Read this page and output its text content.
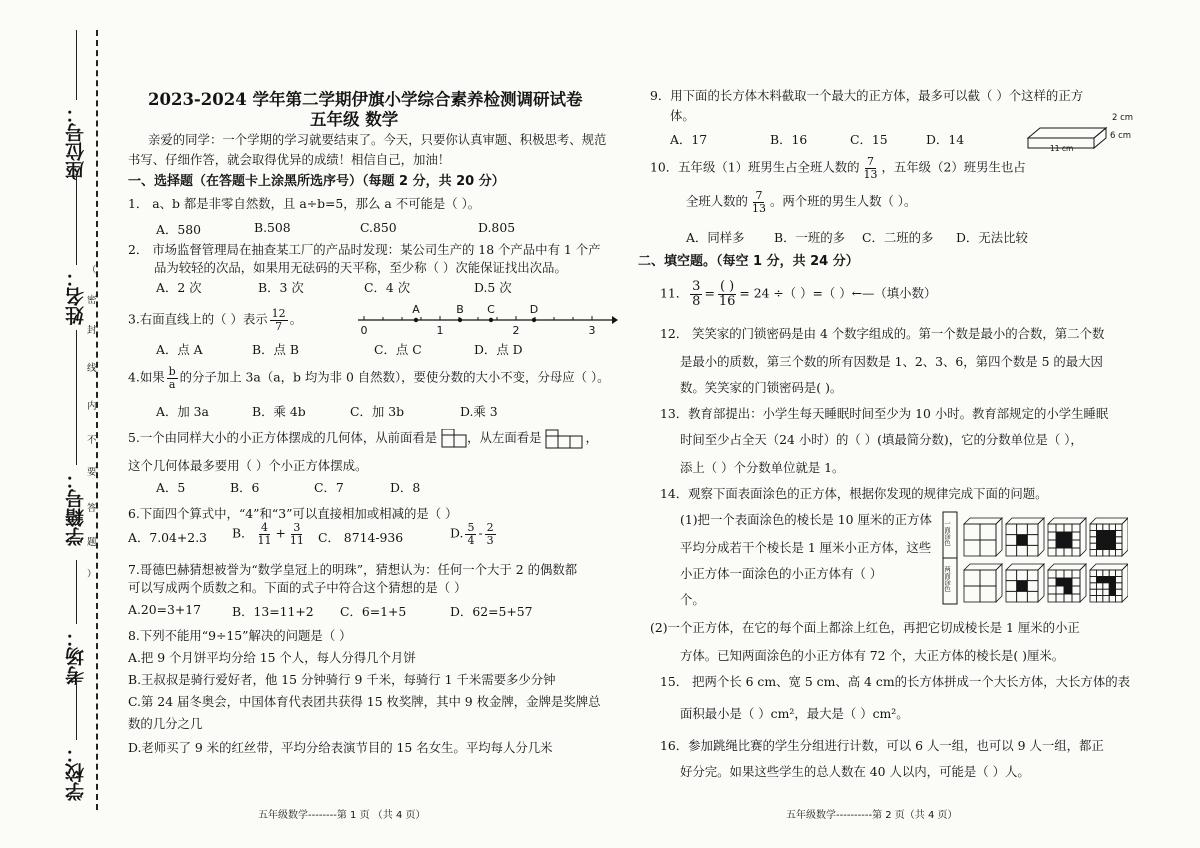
座位号：
姓名：
学籍号：
考场：
学校：
（
密
封
线
内
不
要
答
题
）
2023-2024 学年第二学期伊旗小学综合素养检测调研试卷
五年级 数学
亲爱的同学：一个学期的学习就要结束了。今天，只要你认真审题、积极思考、规范
书写、仔细作答，就会取得优异的成绩！相信自己，加油！
一、选择题（在答题卡上涂黑所选序号）（每题 2 分，共 20 分）
1． a、b 都是非零自然数，且 a÷b=5，那么 a 不可能是（ ）。
A．580	B.508	C.850	D.805
2． 市场监督管理局在抽查某工厂的产品时发现：某公司生产的 18 个产品中有 1 个产
品为较轻的次品，如果用无砝码的天平称，至少称（ ）次能保证找出次品。
A．2 次	B．3 次	C．4 次	D.5 次
3.右面直线上的（ ）表示 $\frac{12}{7}$ 。
A	B C	D
0	1	2	3
A．点 A	B．点 B	C．点 C	D．点 D
4.如果 $\frac{b}{a}$ 的分子加上 3a（a，b 均为非 0 自然数），要使分数的大小不变，分母应（ ）。
A．加 3a	B．乘 4b	C．加 3b	D.乘 3
5.一个由同样大小的小正方体摆成的几何体，从前面看是 ，从左面看是	，
这个几何体最多要用（ ）个小正方体摆成。
A．5	B．6	C．7	D．8
6.下面四个算式中，“4”和“3”可以直接相加或相减的是（ ）
A．7.04+2.3 B． $\frac{4}{11} + \frac{3}{11}$ C． 8714-936	D. $\frac{5}{4} - \frac{2}{3}$
7.哥德巴赫猜想被誉为“数学皇冠上的明珠”，猜想认为：任何一个大于 2 的偶数都
可以写成两个质数之和。下面的式子中符合这个猜想的是（ ）
A.20=3+17 B．13=11+2 C．6=1+5	D．62=5+57
8.下列不能用“9÷15”解决的问题是（ ）
A.把 9 个月饼平均分给 15 个人，每人分得几个月饼
B.王叔叔是骑行爱好者，他 15 分钟骑行 9 千米，每骑行 1 千米需要多少分钟
C.第 24 届冬奥会，中国体育代表团共获得 15 枚奖牌，其中 9 枚金牌，金牌是奖牌总
数的几分之几
D.老师买了 9 米的红丝带，平均分给表演节目的 15 名女生。平均每人分几米
五年级数学--------第 1 页 （共 4 页）
9．用下面的长方体木料截取一个最大的正方体，最多可以截（ ）个这样的正方
体。
A．17	B．16	C．15	D．14
2 cm
6 cm
11 cm
10．五年级（1）班男生占全班人数的 $\frac{7}{13}$ ，五年级（2）班男生也占
全班人数的 $\frac{7}{13}$ 。两个班的男生人数（ ）。
A．同样多 B．一班的多 C．二班的多 D．无法比较
二、填空题。（每空 1 分，共 24 分）
11． $\frac{3}{8} = \frac{( )}{16} = 24$ ÷（ ）=（ ）←—（填小数）
12． 笑笑家的门锁密码是由 4 个数字组成的。第一个数是最小的合数，第二个数
是最小的质数，第三个数的所有因数是 1、2、3、6，第四个数是 5 的最大因
数。笑笑家的门锁密码是( )。
13．教育部提出：小学生每天睡眠时间至少为 10 小时。教育部规定的小学生睡眠
时间至少占全天（24 小时）的（ ）(填最简分数)，它的分数单位是（ ），
添上（ ）个分数单位就是 1。
14．观察下面表面涂色的正方体，根据你发现的规律完成下面的问题。
(1)把一个表面涂色的棱长是 10 厘米的正方体
平均分成若干个棱长是 1 厘米小正方体，这些
小正方体一面涂色的小正方体有（ ）
个。
一面涂色
两面涂色
(2)一个正方体，在它的每个面上都涂上红色，再把它切成棱长是 1 厘米的小正
方体。已知两面涂色的小正方体有 72 个，大正方体的棱长是( )厘米。
15． 把两个长 6 cm、宽 5 cm、高 4 cm的长方体拼成一个大长方体，大长方体的表
面积最小是（ ）cm²，最大是（ ）cm²。
16．参加跳绳比赛的学生分组进行计数，可以 6 人一组，也可以 9 人一组，都正
好分完。如果这些学生的总人数在 40 人以内，可能是（ ）人。
五年级数学----------第 2 页（共 4 页）
